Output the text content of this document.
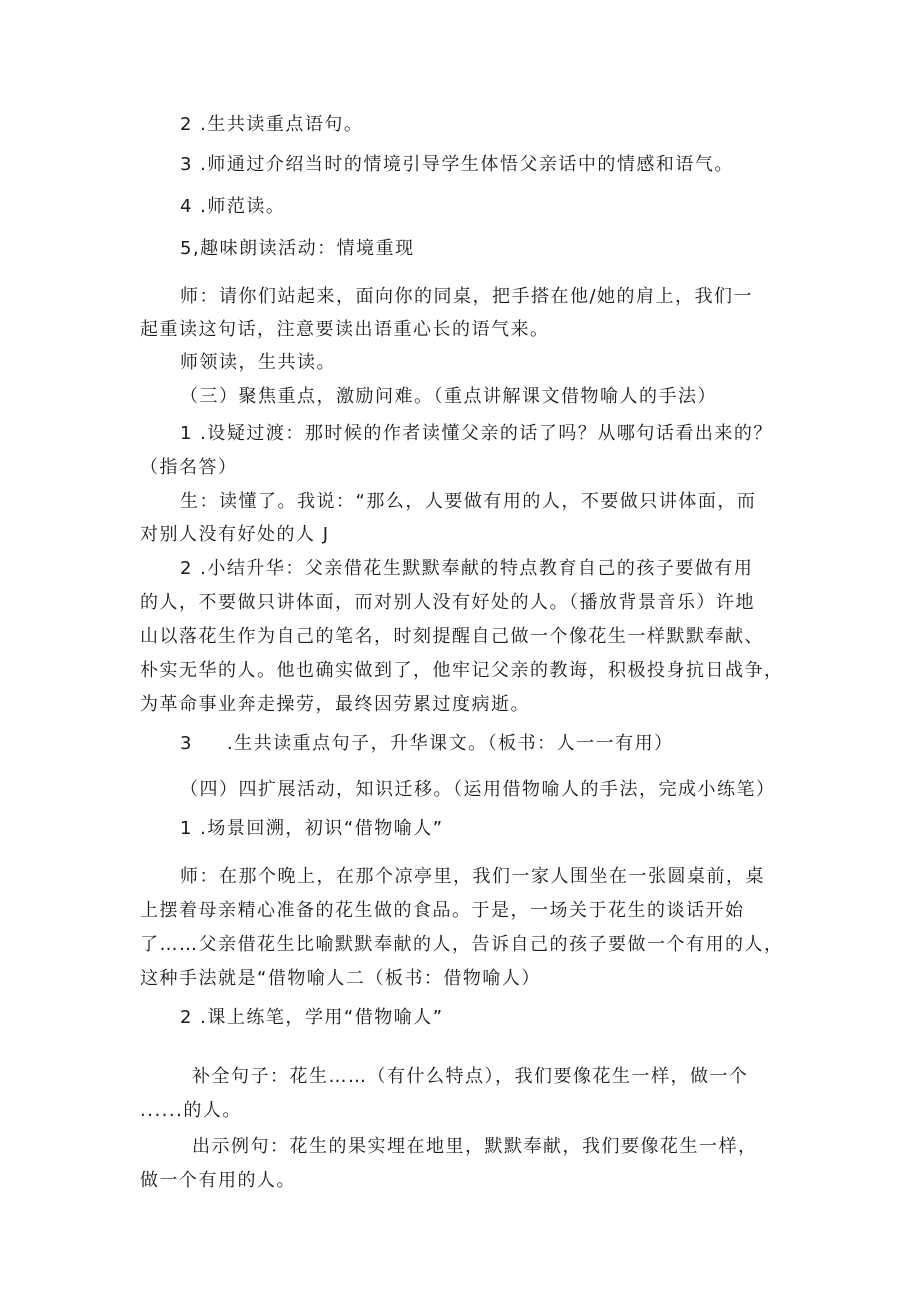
2 .生共读重点语句。
3 .师通过介绍当时的情境引导学生体悟父亲话中的情感和语气。
4 .师范读。
5,趣味朗读活动：情境重现
师：请你们站起来，面向你的同桌，把手搭在他/她的肩上，我们一
起重读这句话，注意要读出语重心长的语气来。
师领读，生共读。
（三）聚焦重点，激励问难。（重点讲解课文借物喻人的手法）
1 .设疑过渡：那时候的作者读懂父亲的话了吗？从哪句话看出来的？
（指名答）
生：读懂了。我说：“那么，人要做有用的人，不要做只讲体面，而
对别人没有好处的人 J
2 .小结升华：父亲借花生默默奉献的特点教育自己的孩子要做有用
的人，不要做只讲体面，而对别人没有好处的人。（播放背景音乐）许地
山以落花生作为自己的笔名，时刻提醒自己做一个像花生一样默默奉献、
朴实无华的人。他也确实做到了，他牢记父亲的教诲，积极投身抗日战争，
为革命事业奔走操劳，最终因劳累过度病逝。
3 　 .生共读重点句子，升华课文。（板书：人一一有用）
（四）四扩展活动，知识迁移。（运用借物喻人的手法，完成小练笔）
1 .场景回溯，初识“借物喻人”
师：在那个晚上，在那个凉亭里，我们一家人围坐在一张圆桌前，桌
上摆着母亲精心准备的花生做的食品。于是，一场关于花生的谈话开始
了……父亲借花生比喻默默奉献的人，告诉自己的孩子要做一个有用的人，
这种手法就是“借物喻人二（板书：借物喻人）
2 .课上练笔，学用“借物喻人”
补全句子：花生……（有什么特点），我们要像花生一样，做一个
......的人。
出示例句：花生的果实埋在地里，默默奉献，我们要像花生一样，
做一个有用的人。
